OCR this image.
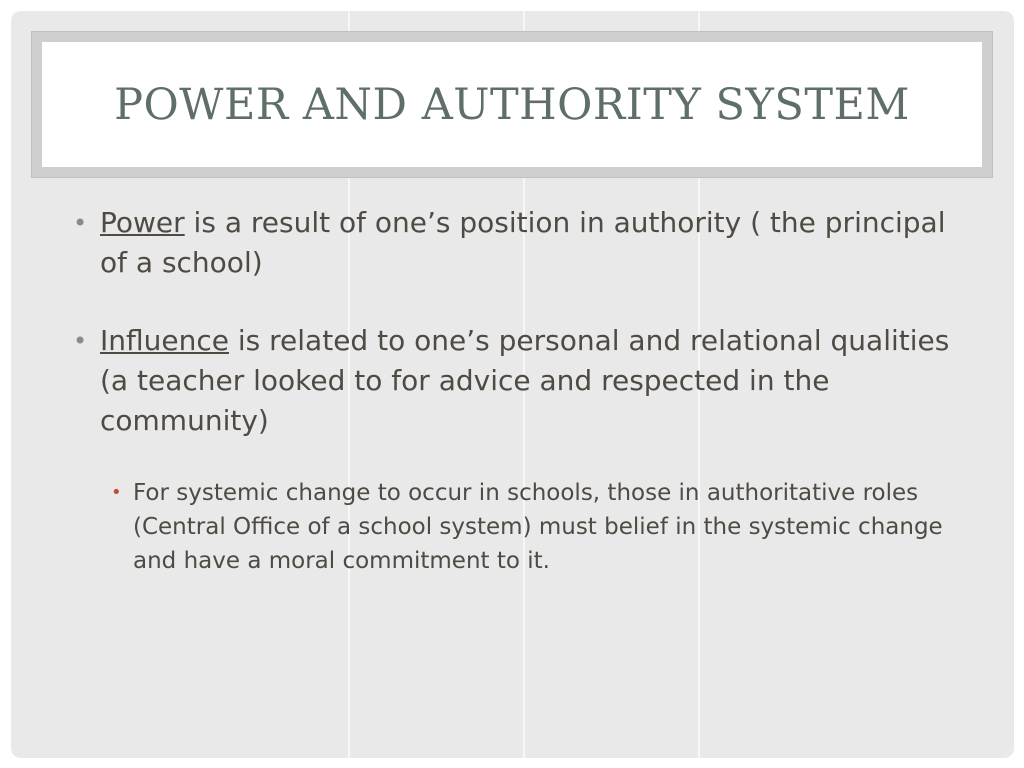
POWER AND AUTHORITY SYSTEM
• Power is a result of one’s position in authority ( the principal of a school)
• Influence is related to one’s personal and relational qualities (a teacher looked to for advice and respected in the community)
• For systemic change to occur in schools, those in authoritative roles (Central Office of a school system) must belief in the systemic change and have a moral commitment to it.
